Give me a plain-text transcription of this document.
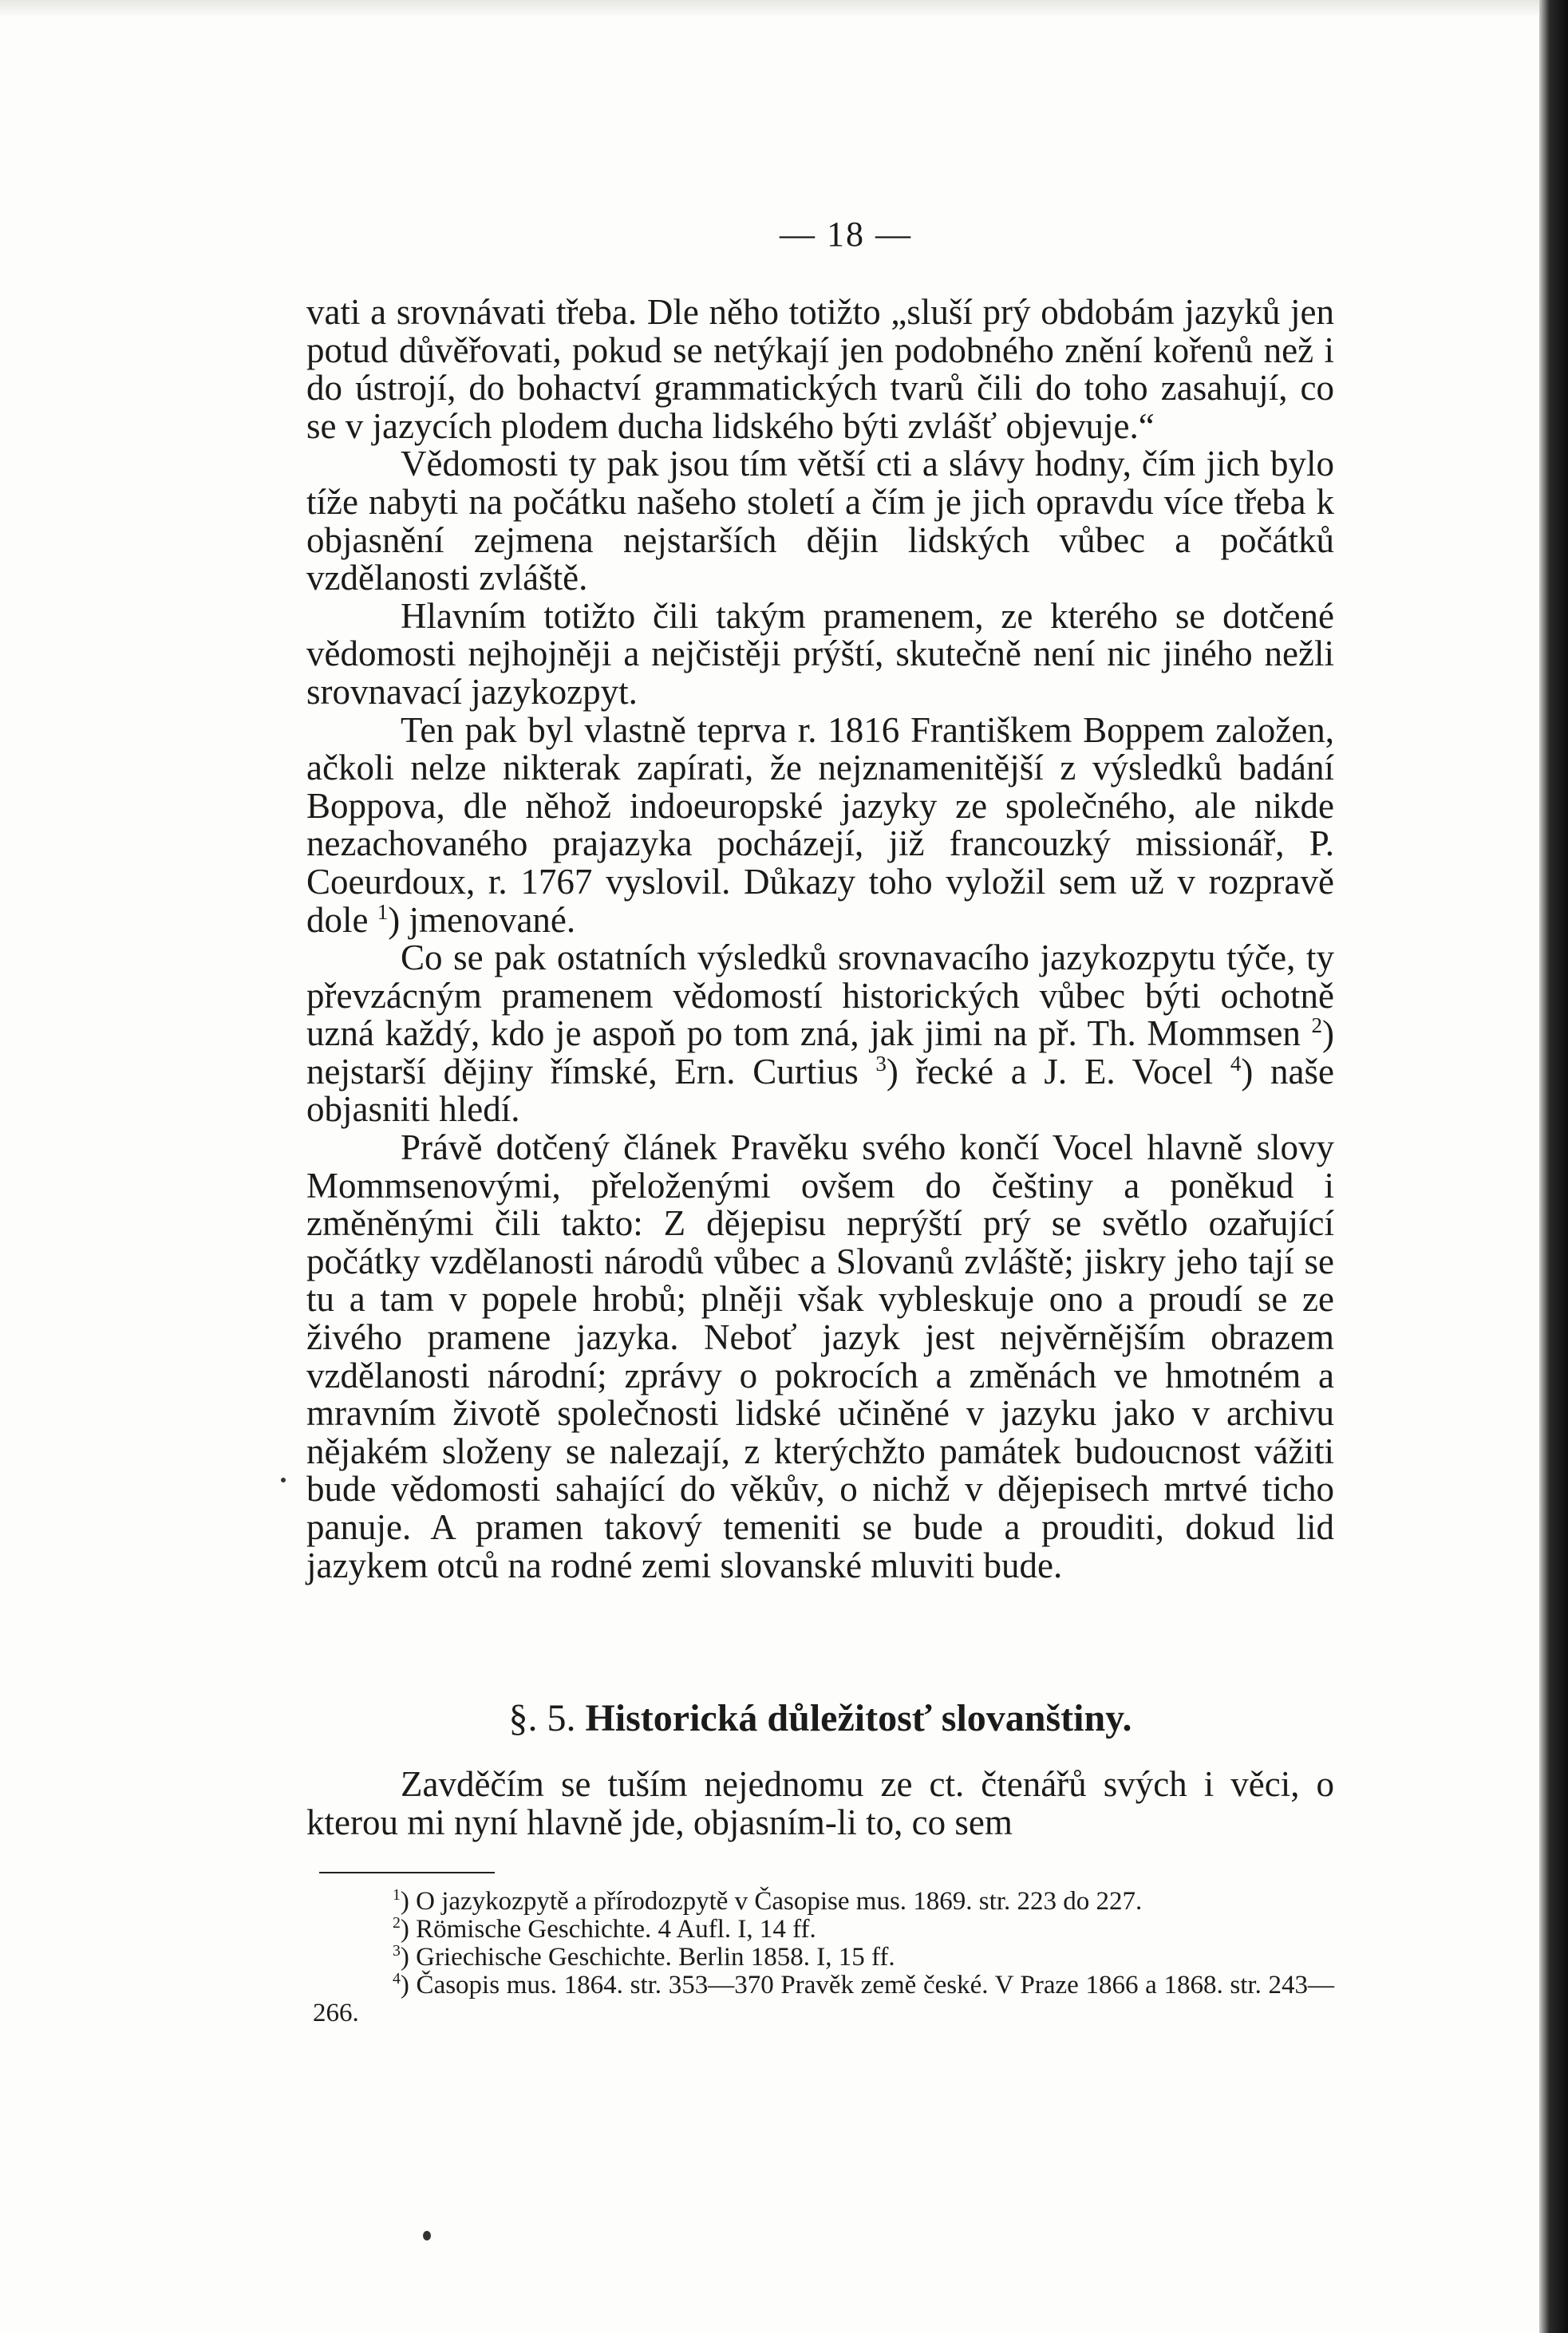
— 18 —

vati a srovnávati třeba. Dle něho totižto „sluší prý obdobám jazyků jen potud důvěřovati, pokud se netýkají jen podobného znění kořenů než i do ústrojí, do bohactví grammatických tvarů čili do toho zasahují, co se v jazycích plodem ducha lidského býti zvlášť objevuje.“

Vědomosti ty pak jsou tím větší cti a slávy hodny, čím jich bylo tíže nabyti na počátku našeho století a čím je jich opravdu více třeba k objasnění zejmena nejstarších dějin lidských vůbec a počátků vzdělanosti zvláště.

Hlavním totižto čili takým pramenem, ze kterého se dotčené vědomosti nejhojněji a nejčistěji prýští, skutečně není nic jiného nežli srovnavací jazykozpyt.

Ten pak byl vlastně teprva r. 1816 Františkem Boppem založen, ačkoli nelze nikterak zapírati, že nejznamenitější z výsledků badání Boppova, dle něhož indoeuropské jazyky ze společného, ale nikde nezachovaného prajazyka pocházejí, již francouzký missionář, P. Coeurdoux, r. 1767 vyslovil. Důkazy toho vyložil sem už v rozpravě dole $^1$) jmenované.

Co se pak ostatních výsledků srovnavacího jazykozpytu týče, ty převzácným pramenem vědomostí historických vůbec býti ochotně uzná každý, kdo je aspoň po tom zná, jak jimi na př. Th. Mommsen $^2$) nejstarší dějiny římské, Ern. Curtius $^3$) řecké a J. E. Vocel $^4$) naše objasniti hledí.

Právě dotčený článek Pravěku svého končí Vocel hlavně slovy Mommsenovými, přeloženými ovšem do češtiny a poněkud i změněnými čili takto: Z dějepisu neprýští prý se světlo ozařující počátky vzdělanosti národů vůbec a Slovanů zvláště; jiskry jeho tají se tu a tam v popele hrobů; plněji však vybleskuje ono a proudí se ze živého pramene jazyka. Neboť jazyk jest nejvěrnějším obrazem vzdělanosti národní; zprávy o pokrocích a změnách ve hmotném a mravním životě společnosti lidské učiněné v jazyku jako v archivu nějakém složeny se nalezají, z kterýchžto památek budoucnost vážiti bude vědomosti sahající do věkův, o nichž v dějepisech mrtvé ticho panuje. A pramen takový temeniti se bude a prouditi, dokud lid jazykem otců na rodné zemi slovanské mluviti bude.

§. 5. Historická důležitosť slovanštiny.

Zavděčím se tuším nejednomu ze ct. čtenářů svých i věci, o kterou mi nyní hlavně jde, objasním-li to, co sem

$^1$) O jazykozpytě a přírodozpytě v Časopise mus. 1869. str. 223 do 227.

$^2$) Römische Geschichte. 4 Aufl. I, 14 ff.

$^3$) Griechische Geschichte. Berlin 1858. I, 15 ff.

$^4$) Časopis mus. 1864. str. 353—370 Pravěk země české. V Praze 1866 a 1868. str. 243—266.
